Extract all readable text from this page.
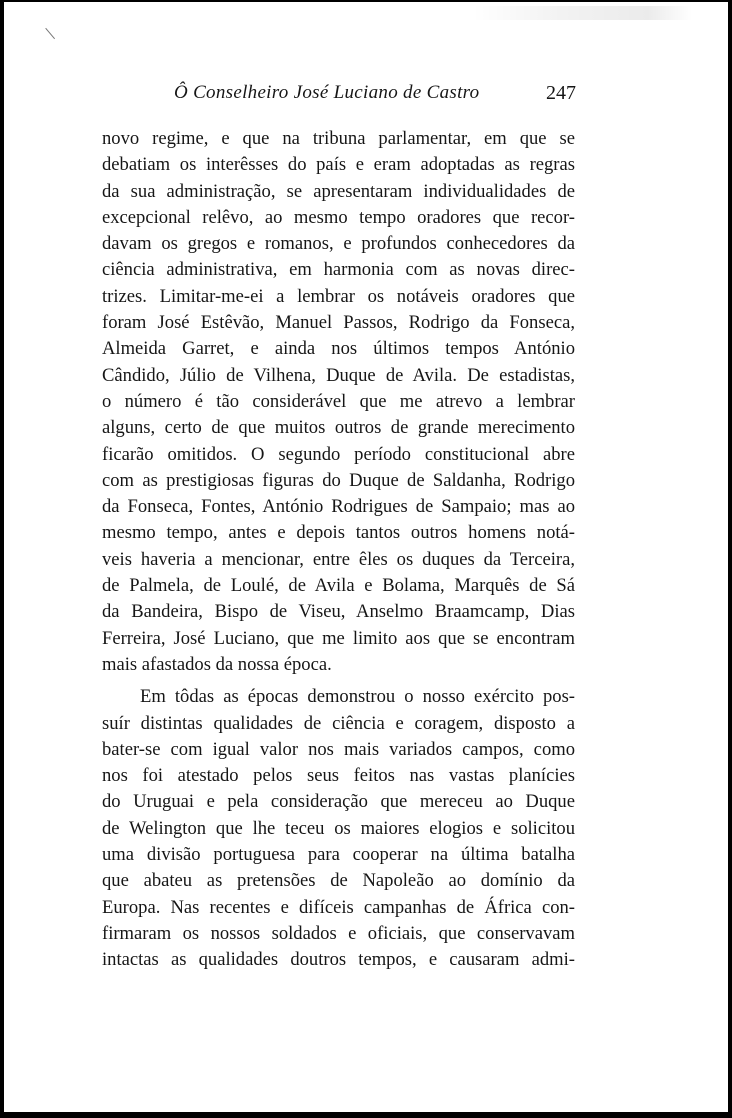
Ô Conselheiro José Luciano de Castro	247
novo regime, e que na tribuna parlamentar, em que se
debatiam os interêsses do país e eram adoptadas as regras
da sua administração, se apresentaram individualidades de
excepcional relêvo, ao mesmo tempo oradores que recor-
davam os gregos e romanos, e profundos conhecedores da
ciência administrativa, em harmonia com as novas direc-
trizes. Limitar-me-ei a lembrar os notáveis oradores que
foram José Estêvão, Manuel Passos, Rodrigo da Fonseca,
Almeida Garret, e ainda nos últimos tempos António
Cândido, Júlio de Vilhena, Duque de Avila. De estadistas,
o número é tão considerável que me atrevo a lembrar
alguns, certo de que muitos outros de grande merecimento
ficarão omitidos. O segundo período constitucional abre
com as prestigiosas figuras do Duque de Saldanha, Rodrigo
da Fonseca, Fontes, António Rodrigues de Sampaio; mas ao
mesmo tempo, antes e depois tantos outros homens notá-
veis haveria a mencionar, entre êles os duques da Terceira,
de Palmela, de Loulé, de Avila e Bolama, Marquês de Sá
da Bandeira, Bispo de Viseu, Anselmo Braamcamp, Dias
Ferreira, José Luciano, que me limito aos que se encontram
mais afastados da nossa época.
Em tôdas as épocas demonstrou o nosso exército pos-
suír distintas qualidades de ciência e coragem, disposto a
bater-se com igual valor nos mais variados campos, como
nos foi atestado pelos seus feitos nas vastas planícies
do Uruguai e pela consideração que mereceu ao Duque
de Welington que lhe teceu os maiores elogios e solicitou
uma divisão portuguesa para cooperar na última batalha
que abateu as pretensões de Napoleão ao domínio da
Europa. Nas recentes e difíceis campanhas de África con-
firmaram os nossos soldados e oficiais, que conservavam
intactas as qualidades doutros tempos, e causaram admi-
